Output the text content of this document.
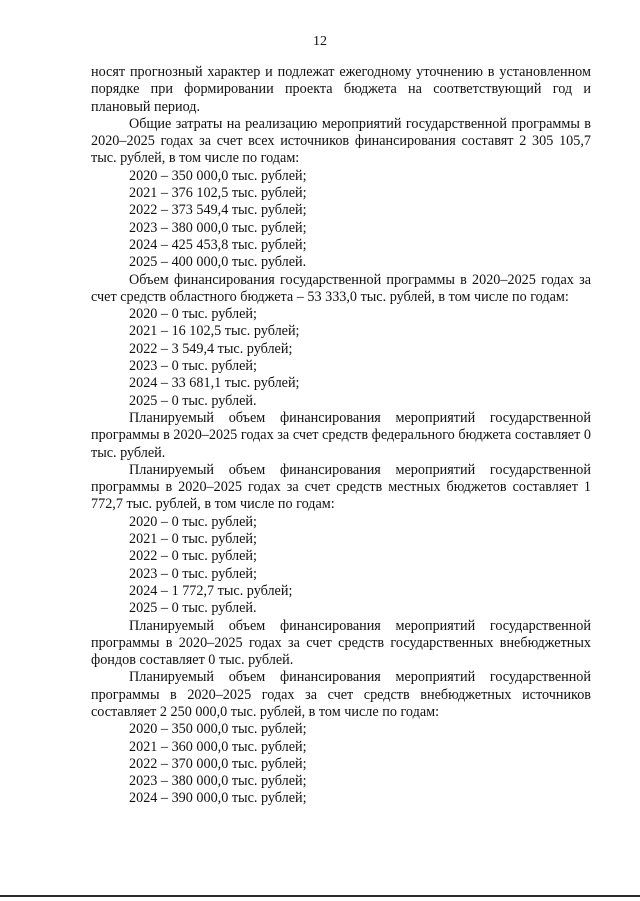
12
носят прогнозный характер и подлежат ежегодному уточнению в установленном порядке при формировании проекта бюджета на соответствующий год и плановый период.
Общие затраты на реализацию мероприятий государственной программы в 2020–2025 годах за счет всех источников финансирования составят 2 305 105,7 тыс. рублей, в том числе по годам:
2020 – 350 000,0 тыс. рублей;
2021 – 376 102,5 тыс. рублей;
2022 – 373 549,4 тыс. рублей;
2023 – 380 000,0 тыс. рублей;
2024 – 425 453,8 тыс. рублей;
2025 – 400 000,0 тыс. рублей.
Объем финансирования государственной программы в 2020–2025 годах за счет средств областного бюджета – 53 333,0 тыс. рублей, в том числе по годам:
2020 – 0 тыс. рублей;
2021 – 16 102,5 тыс. рублей;
2022 – 3 549,4 тыс. рублей;
2023 – 0 тыс. рублей;
2024 – 33 681,1 тыс. рублей;
2025 – 0 тыс. рублей.
Планируемый объем финансирования мероприятий государственной программы в 2020–2025 годах за счет средств федерального бюджета составляет 0 тыс. рублей.
Планируемый объем финансирования мероприятий государственной программы в 2020–2025 годах за счет средств местных бюджетов составляет 1 772,7 тыс. рублей, в том числе по годам:
2020 – 0 тыс. рублей;
2021 – 0 тыс. рублей;
2022 – 0 тыс. рублей;
2023 – 0 тыс. рублей;
2024 – 1 772,7 тыс. рублей;
2025 – 0 тыс. рублей.
Планируемый объем финансирования мероприятий государственной программы в 2020–2025 годах за счет средств государственных внебюджетных фондов составляет 0 тыс. рублей.
Планируемый объем финансирования мероприятий государственной программы в 2020–2025 годах за счет средств внебюджетных источников составляет 2 250 000,0 тыс. рублей, в том числе по годам:
2020 – 350 000,0 тыс. рублей;
2021 – 360 000,0 тыс. рублей;
2022 – 370 000,0 тыс. рублей;
2023 – 380 000,0 тыс. рублей;
2024 – 390 000,0 тыс. рублей;
